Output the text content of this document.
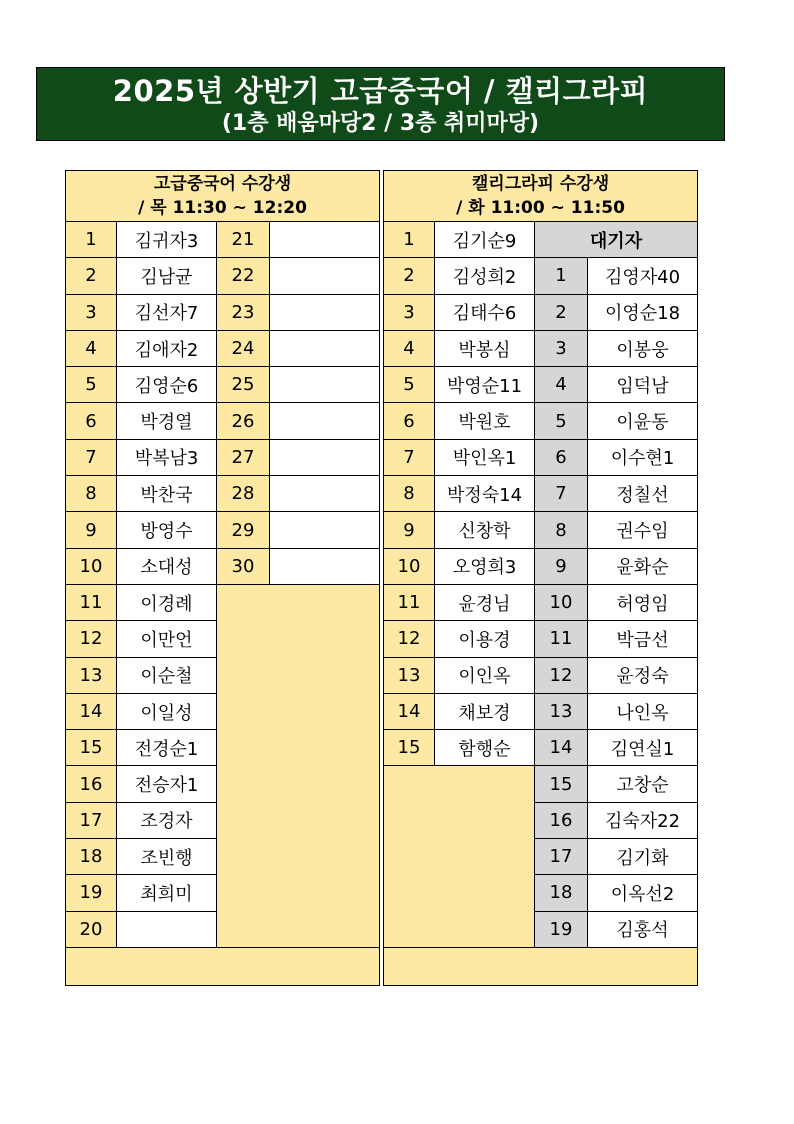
2025년 상반기 고급중국어 / 캘리그라피
(1층 배움마당2 / 3층 취미마당)
고급중국어 수강생
/ 목 11:30 ~ 12:20			

1	김귀자3	21	
2	김남균	22	
3	김선자7	23	
4	김애자2	24	
5	김영순6	25	
6	박경열	26	
7	박복남3	27	
8	박찬국	28	
9	방영수	29	
10	소대성	30	
11	이경례		
12	이만언		
13	이순철		
14	이일성		
15	전경순1		
16	전승자1		
17	조경자		
18	조빈행		
19	최희미		
20			

캘리그라피 수강생
/ 화 11:00 ~ 11:50			

1	김기순9	대기자	
2	김성희2	1	김영자40
3	김태수6	2	이영순18
4	박봉심	3	이봉웅
5	박영순11	4	임덕남
6	박원호	5	이윤동
7	박인옥1	6	이수현1
8	박정숙14	7	정칠선
9	신창학	8	권수임
10	오영희3	9	윤화순
11	윤경님	10	허영임
12	이용경	11	박금선
13	이인옥	12	윤정숙
14	채보경	13	나인옥
15	함행순	14	김연실1
		15	고창순
		16	김숙자22
		17	김기화
		18	이옥선2
		19	김홍석
